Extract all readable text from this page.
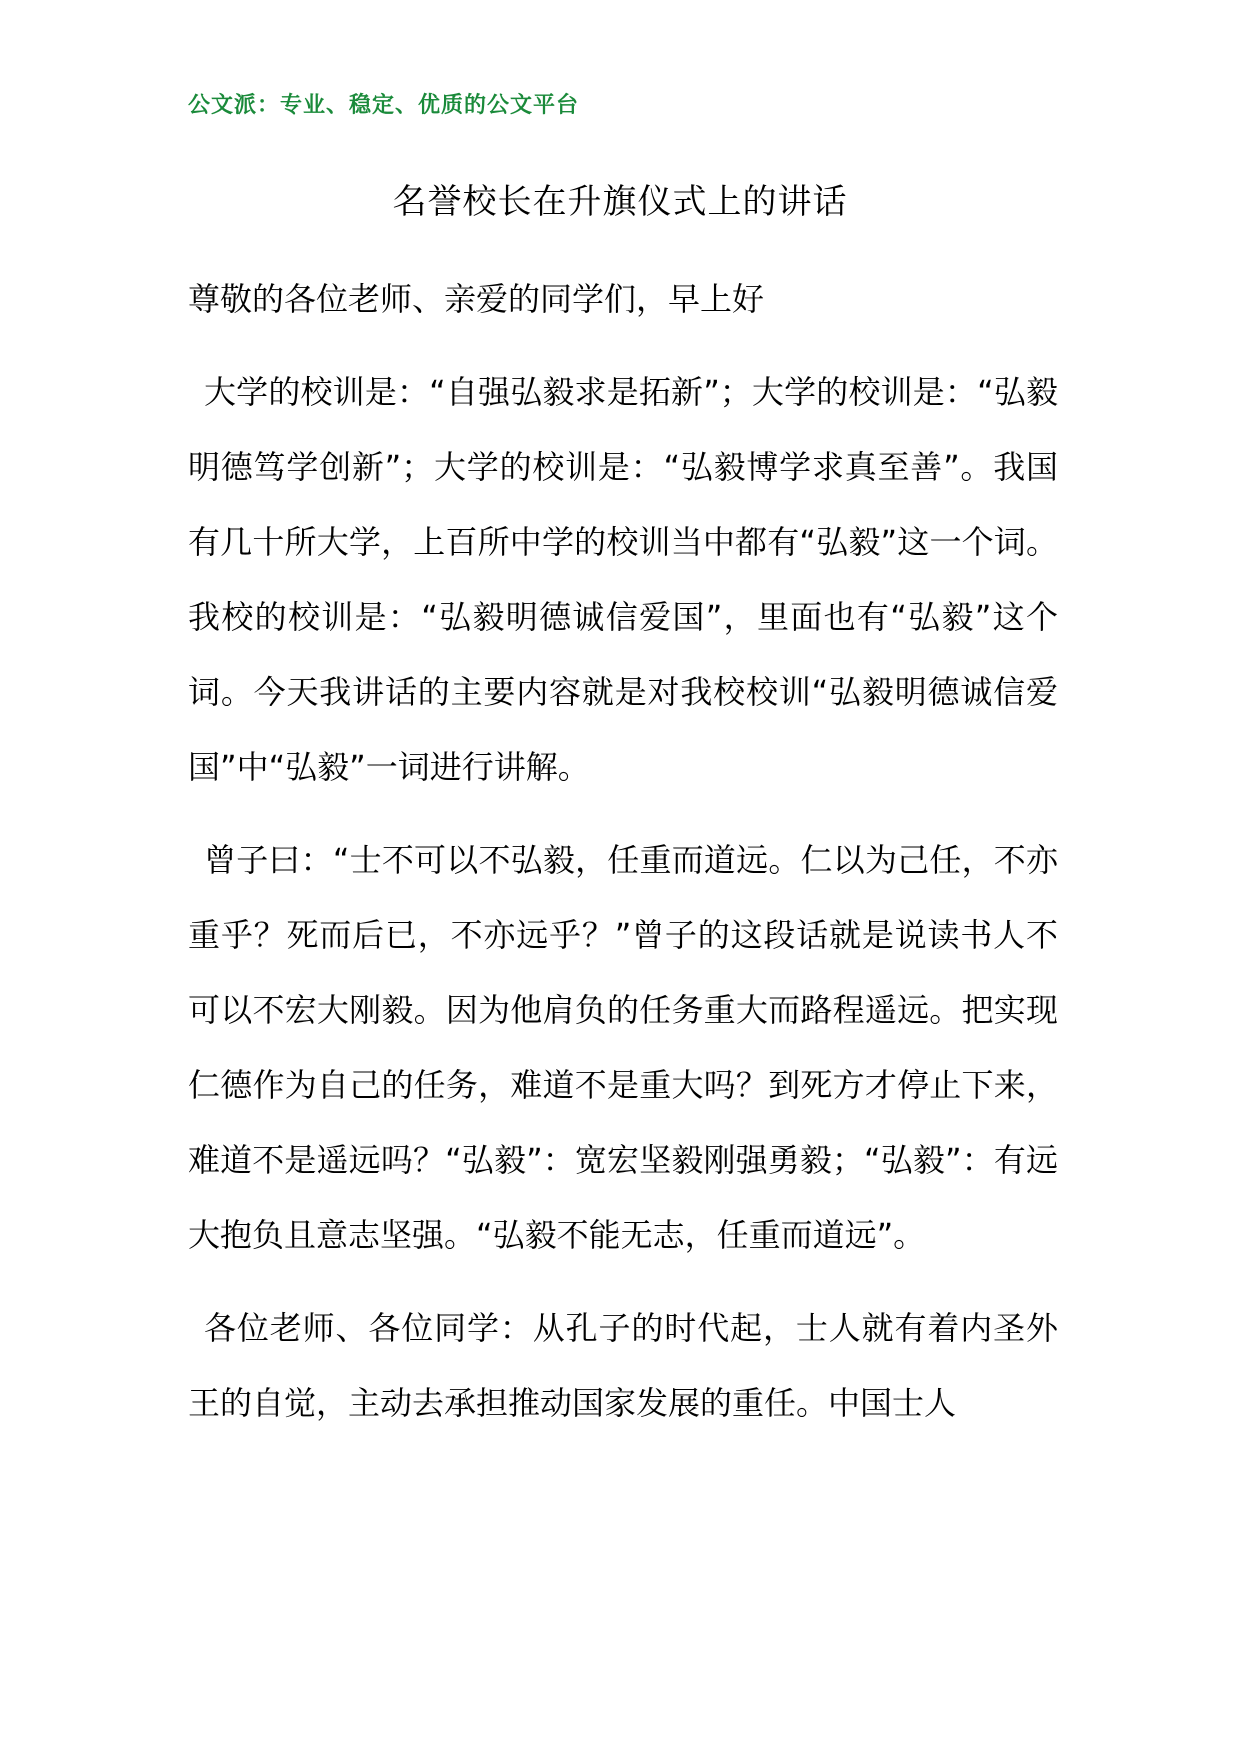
公文派：专业、稳定、优质的公文平台
名誉校长在升旗仪式上的讲话

尊敬的各位老师、亲爱的同学们，早上好

大学的校训是：“自强弘毅求是拓新”；大学的校训是：“弘毅明德笃学创新”；大学的校训是：“弘毅博学求真至善”。我国有几十所大学，上百所中学的校训当中都有“弘毅”这一个词。我校的校训是：“弘毅明德诚信爱国”，里面也有“弘毅”这个词。今天我讲话的主要内容就是对我校校训“弘毅明德诚信爱国”中“弘毅”一词进行讲解。

曾子曰：“士不可以不弘毅，任重而道远。仁以为己任，不亦重乎？死而后已，不亦远乎？”曾子的这段话就是说读书人不可以不宏大刚毅。因为他肩负的任务重大而路程遥远。把实现仁德作为自己的任务，难道不是重大吗？到死方才停止下来，难道不是遥远吗？“弘毅”：宽宏坚毅刚强勇毅；“弘毅”：有远大抱负且意志坚强。“弘毅不能无志，任重而道远”。

各位老师、各位同学：从孔子的时代起，士人就有着内圣外王的自觉，主动去承担推动国家发展的重任。中国士人
